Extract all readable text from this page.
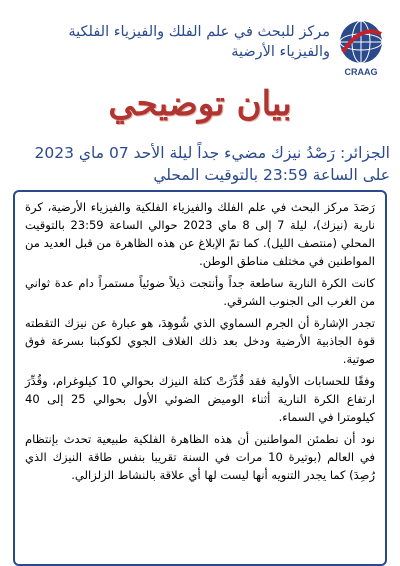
مركز للبحث في علم الفلك والفيزياء الفلكية
والفيزياء الأرضية
CRAAG
بيان توضيحي
الجزائر: رَصْدُ نيزك مضيء جداً ليلة الأحد 07 ماي 2023
على الساعة 23:59 بالتوقيت المحلي

رَصَدَ مركز البحث في علم الفلك والفيزياء الفلكية والفيزياء الأرضية، كرة نارية (نيزك)، ليلة 7 إلى 8 ماي 2023 حوالي الساعة 23:59 بالتوقيت المحلي (منتصف الليل). كما تمّ الإبلاغ عن هذه الظاهرة من قبل العديد من المواطنين في مختلف مناطق الوطن.

كانت الكرة النارية ساطعة جداً وأنتجت ذيلاً ضوئياً مستمراً دام عدة ثواني من الغرب الى الجنوب الشرقي.

تجدر الإشارة أن الجرم السماوي الذي شُوهِدَ، هو عبارة عن نيزك التقطته قوة الجاذبية الأرضية ودخل بعد ذلك الغلاف الجوي لكوكبنا بسرعة فوق صوتية.

وفقًا للحسابات الأولية فقد قُدِّرَتْ كتلة النيزك بحوالي 10 كيلوغرام، وقُدِّرَ ارتفاع الكرة النارية أثناء الوميض الضوئي الأول بحوالي 25 إلى 40 كيلومترا في السماء.

نود أن نطمئن المواطنين أن هذه الظاهرة الفلكية طبيعية تحدث بإنتظام في العالم (بوتيرة 10 مرات في السنة تقريبا بنفس طاقة النيزك الذي رُصِدَ) كما يجدر التنويه أنها ليست لها أي علاقة بالنشاط الزلزالي.
